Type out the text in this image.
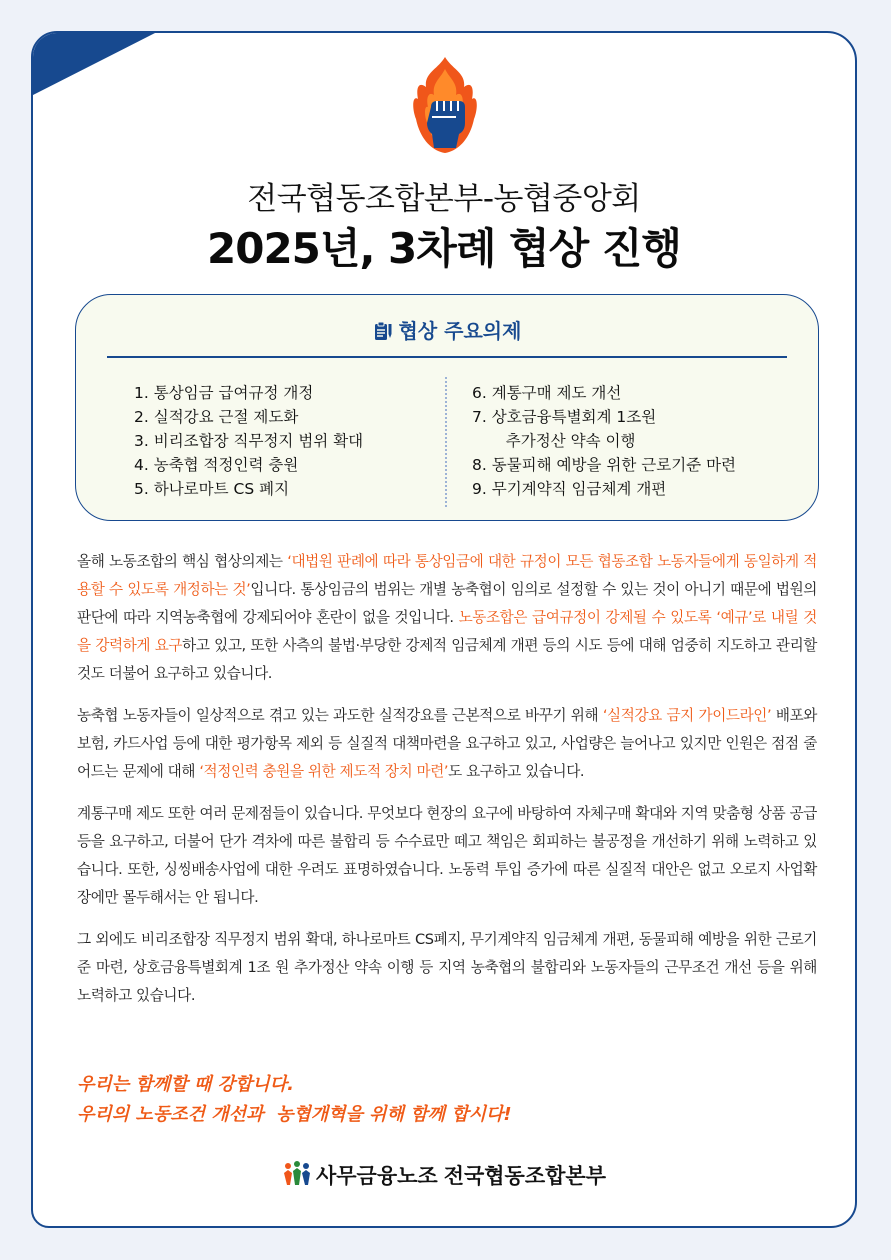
전국협동조합본부-농협중앙회
2025년, 3차례 협상 진행
협상 주요의제
1. 통상임금 급여규정 개정
2. 실적강요 근절 제도화
3. 비리조합장 직무정지 범위 확대
4. 농축협 적정인력 충원
5. 하나로마트 CS 폐지
6. 계통구매 제도 개선
7. 상호금융특별회계 1조원
추가정산 약속 이행
8. 동물피해 예방을 위한 근로기준 마련
9. 무기계약직 임금체계 개편

올해 노동조합의 핵심 협상의제는 ‘대법원 판례에 따라 통상임금에 대한 규정이 모든 협동조합 노동자들에게 동일하게 적용할 수 있도록 개정하는 것’입니다. 통상임금의 범위는 개별 농축협이 임의로 설정할 수 있는 것이 아니기 때문에 법원의 판단에 따라 지역농축협에 강제되어야 혼란이 없을 것입니다. 노동조합은 급여규정이 강제될 수 있도록 ‘예규’로 내릴 것을 강력하게 요구하고 있고, 또한 사측의 불법·부당한 강제적 임금체계 개편 등의 시도 등에 대해 엄중히 지도하고 관리할 것도 더불어 요구하고 있습니다.

농축협 노동자들이 일상적으로 겪고 있는 과도한 실적강요를 근본적으로 바꾸기 위해 ‘실적강요 금지 가이드라인’ 배포와 보험, 카드사업 등에 대한 평가항목 제외 등 실질적 대책마련을 요구하고 있고, 사업량은 늘어나고 있지만 인원은 점점 줄어드는 문제에 대해 ‘적정인력 충원을 위한 제도적 장치 마련’도 요구하고 있습니다.

계통구매 제도 또한 여러 문제점들이 있습니다. 무엇보다 현장의 요구에 바탕하여 자체구매 확대와 지역 맞춤형 상품 공급 등을 요구하고, 더불어 단가 격차에 따른 불합리 등 수수료만 떼고 책임은 회피하는 불공정을 개선하기 위해 노력하고 있습니다. 또한, 싱씽배송사업에 대한 우려도 표명하였습니다. 노동력 투입 증가에 따른 실질적 대안은 없고 오로지 사업확장에만 몰두해서는 안 됩니다.

그 외에도 비리조합장 직무정지 범위 확대, 하나로마트 CS폐지, 무기계약직 임금체계 개편, 동물피해 예방을 위한 근로기준 마련, 상호금융특별회계 1조 원 추가정산 약속 이행 등 지역 농축협의 불합리와 노동자들의 근무조건 개선 등을 위해 노력하고 있습니다.

우리는 함께할 때 강합니다.
우리의 노동조건 개선과  농협개혁을 위해 함께 합시다!
사무금융노조 전국협동조합본부
